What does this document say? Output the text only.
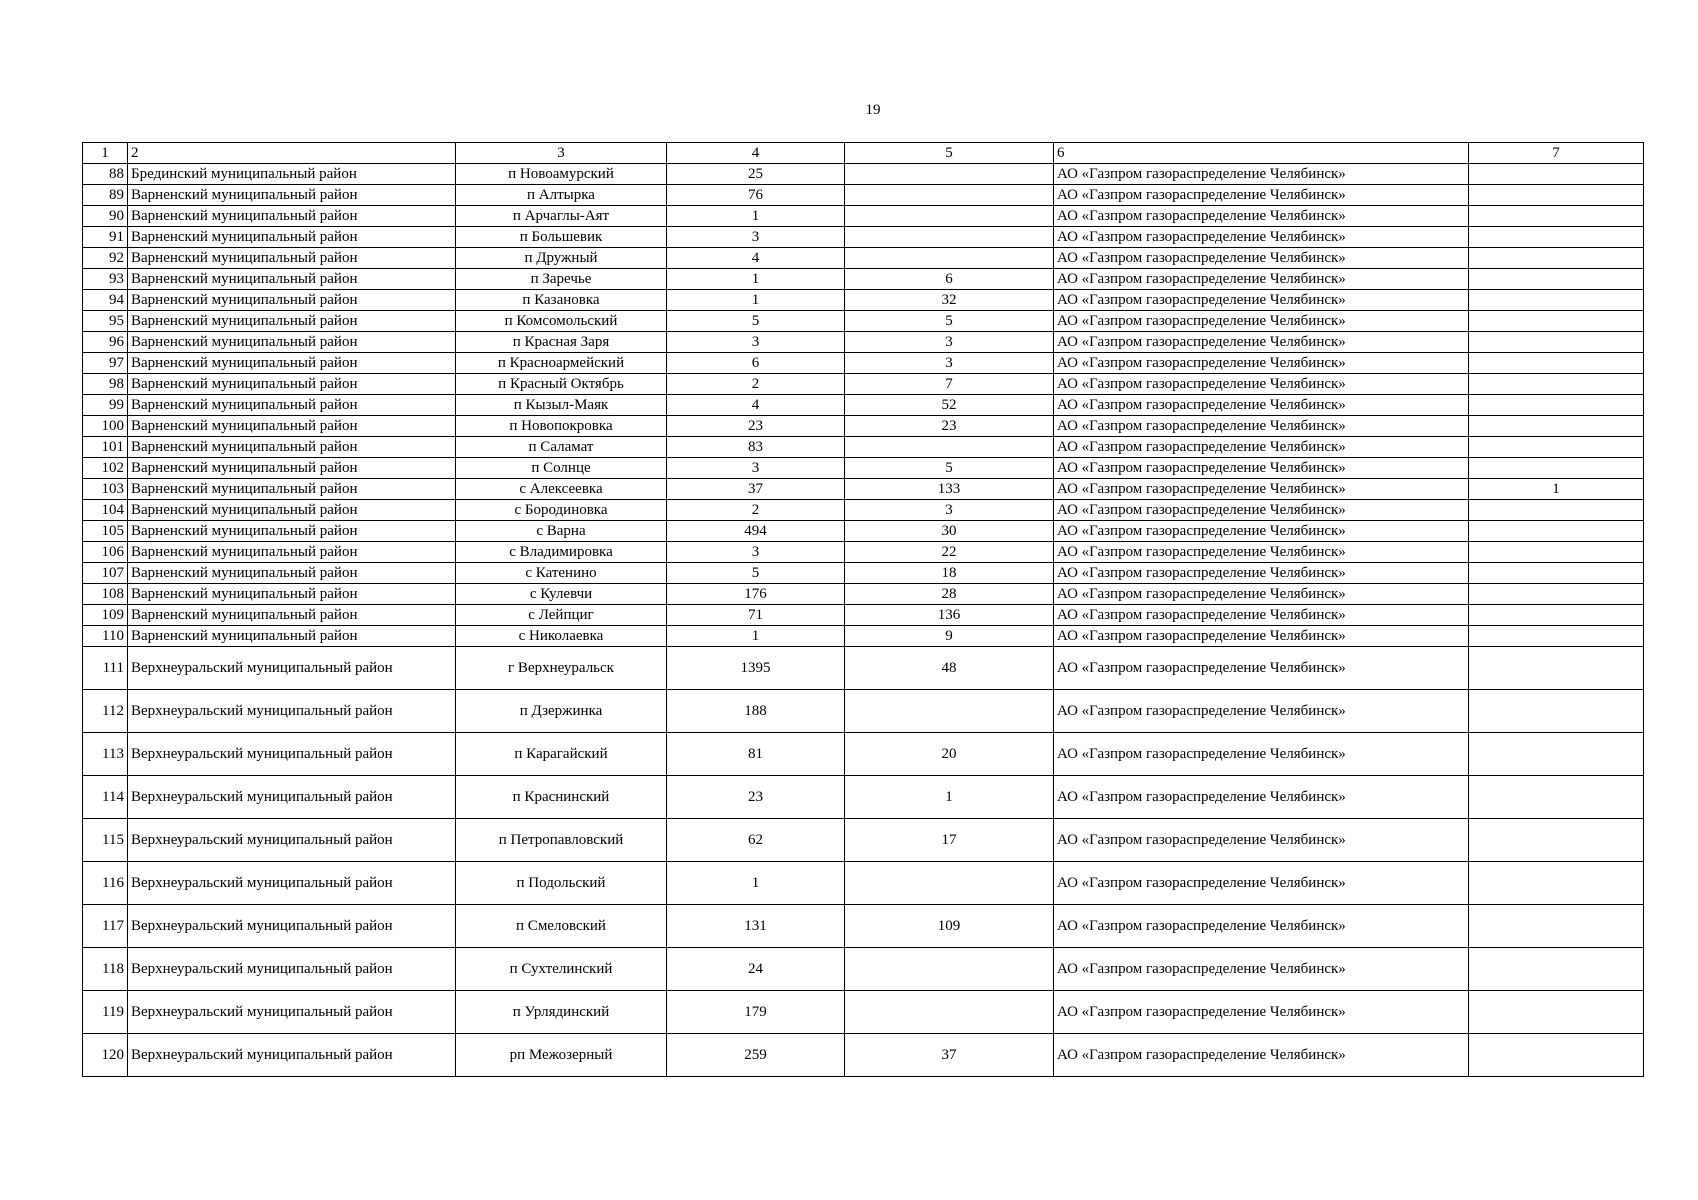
19
1	2	3	4	5	6	7
88	Брединский муниципальный район	п Новоамурский	25		АО «Газпром газораспределение Челябинск»	
89	Варненский муниципальный район	п Алтырка	76		АО «Газпром газораспределение Челябинск»	
90	Варненский муниципальный район	п Арчаглы-Аят	1		АО «Газпром газораспределение Челябинск»	
91	Варненский муниципальный район	п Большевик	3		АО «Газпром газораспределение Челябинск»	
92	Варненский муниципальный район	п Дружный	4		АО «Газпром газораспределение Челябинск»	
93	Варненский муниципальный район	п Заречье	1	6	АО «Газпром газораспределение Челябинск»	
94	Варненский муниципальный район	п Казановка	1	32	АО «Газпром газораспределение Челябинск»	
95	Варненский муниципальный район	п Комсомольский	5	5	АО «Газпром газораспределение Челябинск»	
96	Варненский муниципальный район	п Красная Заря	3	3	АО «Газпром газораспределение Челябинск»	
97	Варненский муниципальный район	п Красноармейский	6	3	АО «Газпром газораспределение Челябинск»	
98	Варненский муниципальный район	п Красный Октябрь	2	7	АО «Газпром газораспределение Челябинск»	
99	Варненский муниципальный район	п Кызыл-Маяк	4	52	АО «Газпром газораспределение Челябинск»	
100	Варненский муниципальный район	п Новопокровка	23	23	АО «Газпром газораспределение Челябинск»	
101	Варненский муниципальный район	п Саламат	83		АО «Газпром газораспределение Челябинск»	
102	Варненский муниципальный район	п Солнце	3	5	АО «Газпром газораспределение Челябинск»	
103	Варненский муниципальный район	с Алексеевка	37	133	АО «Газпром газораспределение Челябинск»	1
104	Варненский муниципальный район	с Бородиновка	2	3	АО «Газпром газораспределение Челябинск»	
105	Варненский муниципальный район	с Варна	494	30	АО «Газпром газораспределение Челябинск»	
106	Варненский муниципальный район	с Владимировка	3	22	АО «Газпром газораспределение Челябинск»	
107	Варненский муниципальный район	с Катенино	5	18	АО «Газпром газораспределение Челябинск»	
108	Варненский муниципальный район	с Кулевчи	176	28	АО «Газпром газораспределение Челябинск»	
109	Варненский муниципальный район	с Лейпциг	71	136	АО «Газпром газораспределение Челябинск»	
110	Варненский муниципальный район	с Николаевка	1	9	АО «Газпром газораспределение Челябинск»	
111	Верхнеуральский муниципальный район	г Верхнеуральск	1395	48	АО «Газпром газораспределение Челябинск»	
112	Верхнеуральский муниципальный район	п Дзержинка	188		АО «Газпром газораспределение Челябинск»	
113	Верхнеуральский муниципальный район	п Карагайский	81	20	АО «Газпром газораспределение Челябинск»	
114	Верхнеуральский муниципальный район	п Краснинский	23	1	АО «Газпром газораспределение Челябинск»	
115	Верхнеуральский муниципальный район	п Петропавловский	62	17	АО «Газпром газораспределение Челябинск»	
116	Верхнеуральский муниципальный район	п Подольский	1		АО «Газпром газораспределение Челябинск»	
117	Верхнеуральский муниципальный район	п Смеловский	131	109	АО «Газпром газораспределение Челябинск»	
118	Верхнеуральский муниципальный район	п Сухтелинский	24		АО «Газпром газораспределение Челябинск»	
119	Верхнеуральский муниципальный район	п Урлядинский	179		АО «Газпром газораспределение Челябинск»	
120	Верхнеуральский муниципальный район	рп Межозерный	259	37	АО «Газпром газораспределение Челябинск»	
